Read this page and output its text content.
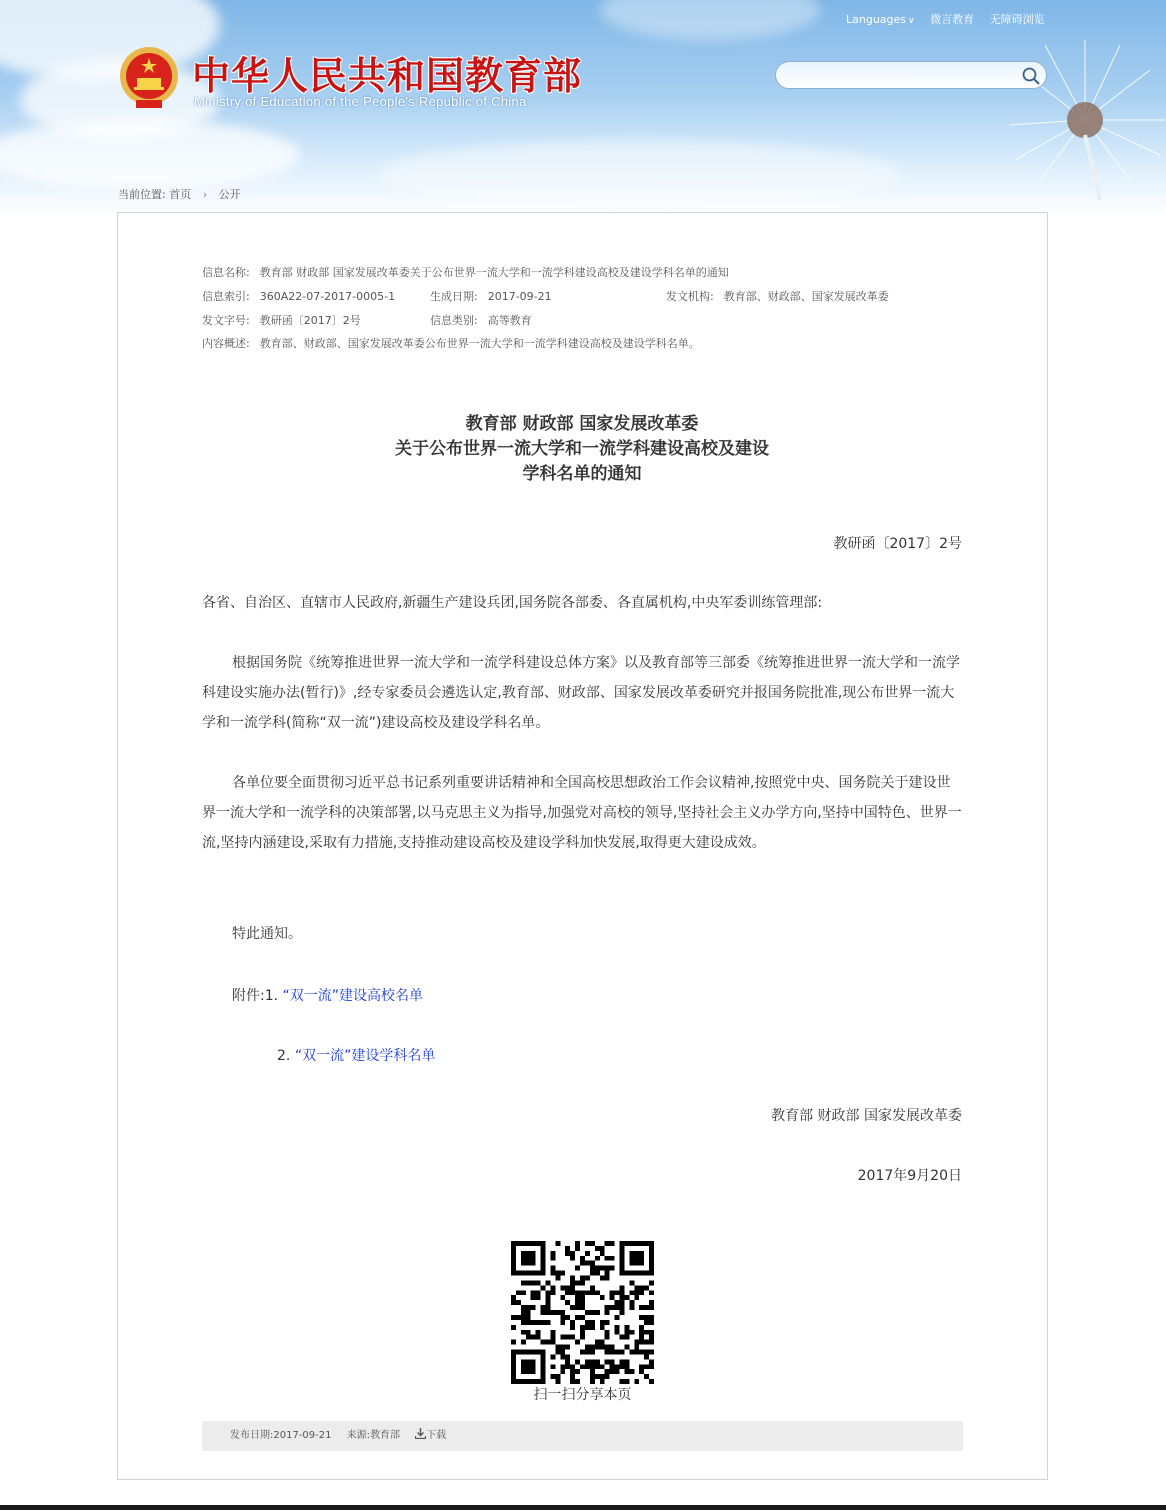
中华人民共和国教育部
Ministry of Education of the People's Republic of China
Languages ∨ 微言教育 无障碍浏览
当前位置: 首页 › 公开
信息名称: 教育部 财政部 国家发展改革委关于公布世界一流大学和一流学科建设高校及建设学科名单的通知
信息索引: 360A22-07-2017-0005-1	生成日期: 2017-09-21	发文机构: 教育部、财政部、国家发展改革委
发文字号: 教研函〔2017〕2号	信息类别: 高等教育
内容概述: 教育部、财政部、国家发展改革委公布世界一流大学和一流学科建设高校及建设学科名单。
教育部 财政部 国家发展改革委
关于公布世界一流大学和一流学科建设高校及建设
学科名单的通知
教研函〔2017〕2号
各省、自治区、直辖市人民政府,新疆生产建设兵团,国务院各部委、各直属机构,中央军委训练管理部:
根据国务院《统筹推进世界一流大学和一流学科建设总体方案》以及教育部等三部委《统筹推进世界一流大学和一流学科建设实施办法(暂行)》,经专家委员会遴选认定,教育部、财政部、国家发展改革委研究并报国务院批准,现公布世界一流大学和一流学科(简称“双一流”)建设高校及建设学科名单。
各单位要全面贯彻习近平总书记系列重要讲话精神和全国高校思想政治工作会议精神,按照党中央、国务院关于建设世界一流大学和一流学科的决策部署,以马克思主义为指导,加强党对高校的领导,坚持社会主义办学方向,坚持中国特色、世界一流,坚持内涵建设,采取有力措施,支持推动建设高校及建设学科加快发展,取得更大建设成效。
特此通知。
附件:1. “双一流”建设高校名单
2. “双一流”建设学科名单
教育部 财政部 国家发展改革委
2017年9月20日
扫一扫分享本页
发布日期:2017-09-21 来源:教育部	下载
